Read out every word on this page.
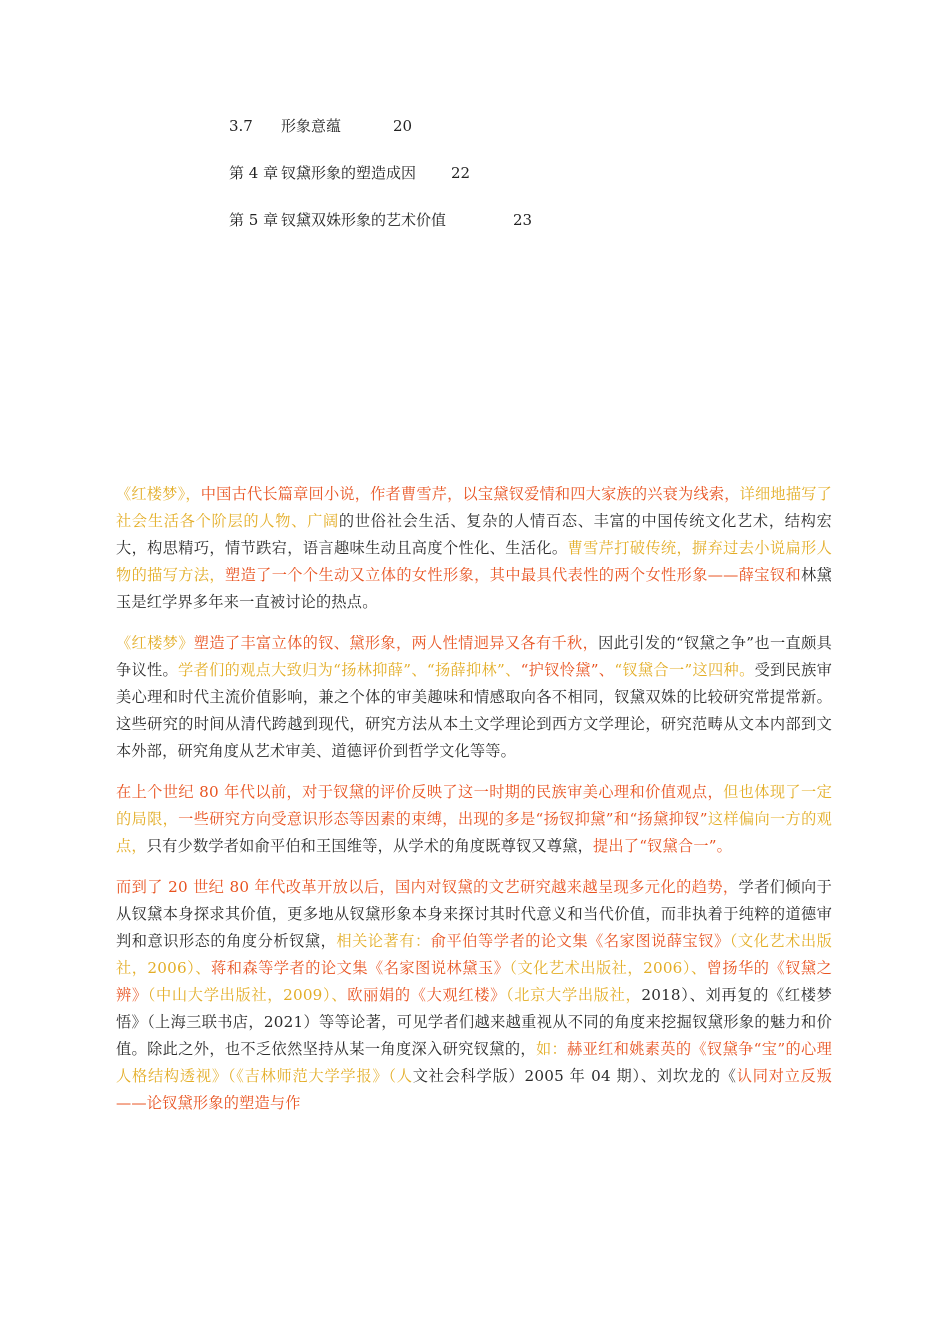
3.7 形象意蕴	20
第 4 章 钗黛形象的塑造成因 22
第 5 章 钗黛双姝形象的艺术价值	23

《红楼梦》，中国古代长篇章回小说，作者曹雪芹，以宝黛钗爱情和四大家族的兴衰为线索，详细地描写了社会生活各个阶层的人物、广阔的世俗社会生活、复杂的人情百态、丰富的中国传统文化艺术，结构宏大，构思精巧，情节跌宕，语言趣味生动且高度个性化、生活化。曹雪芹打破传统，摒弃过去小说扁形人物的描写方法，塑造了一个个生动又立体的女性形象，其中最具代表性的两个女性形象——薛宝钗和林黛玉是红学界多年来一直被讨论的热点。

《红楼梦》塑造了丰富立体的钗、黛形象，两人性情迥异又各有千秋，因此引发的“钗黛之争”也一直颇具争议性。学者们的观点大致归为“扬林抑薛”、“扬薛抑林”、“护钗怜黛”、“钗黛合一”这四种。受到民族审美心理和时代主流价值影响，兼之个体的审美趣味和情感取向各不相同，钗黛双姝的比较研究常提常新。这些研究的时间从清代跨越到现代，研究方法从本土文学理论到西方文学理论，研究范畴从文本内部到文本外部，研究角度从艺术审美、道德评价到哲学文化等等。

在上个世纪 80 年代以前，对于钗黛的评价反映了这一时期的民族审美心理和价值观点，但也体现了一定的局限，一些研究方向受意识形态等因素的束缚，出现的多是“扬钗抑黛”和“扬黛抑钗”这样偏向一方的观点，只有少数学者如俞平伯和王国维等，从学术的角度既尊钗又尊黛，提出了“钗黛合一”。

而到了 20 世纪 80 年代改革开放以后，国内对钗黛的文艺研究越来越呈现多元化的趋势，学者们倾向于从钗黛本身探求其价值，更多地从钗黛形象本身来探讨其时代意义和当代价值，而非执着于纯粹的道德审判和意识形态的角度分析钗黛，相关论著有：俞平伯等学者的论文集《名家图说薛宝钗》（文化艺术出版社，2006）、蒋和森等学者的论文集《名家图说林黛玉》（文化艺术出版社，2006）、曾扬华的《钗黛之辨》（中山大学出版社，2009）、欧丽娟的《大观红楼》（北京大学出版社，2018）、刘再复的《红楼梦悟》（上海三联书店，2021）等等论著，可见学者们越来越重视从不同的角度来挖掘钗黛形象的魅力和价值。除此之外，也不乏依然坚持从某一角度深入研究钗黛的，如：赫亚红和姚素英的《钗黛争“宝”的心理人格结构透视》（《吉林师范大学学报》（人文社会科学版）2005 年 04 期）、刘坎龙的《认同对立反叛——论钗黛形象的塑造与作
